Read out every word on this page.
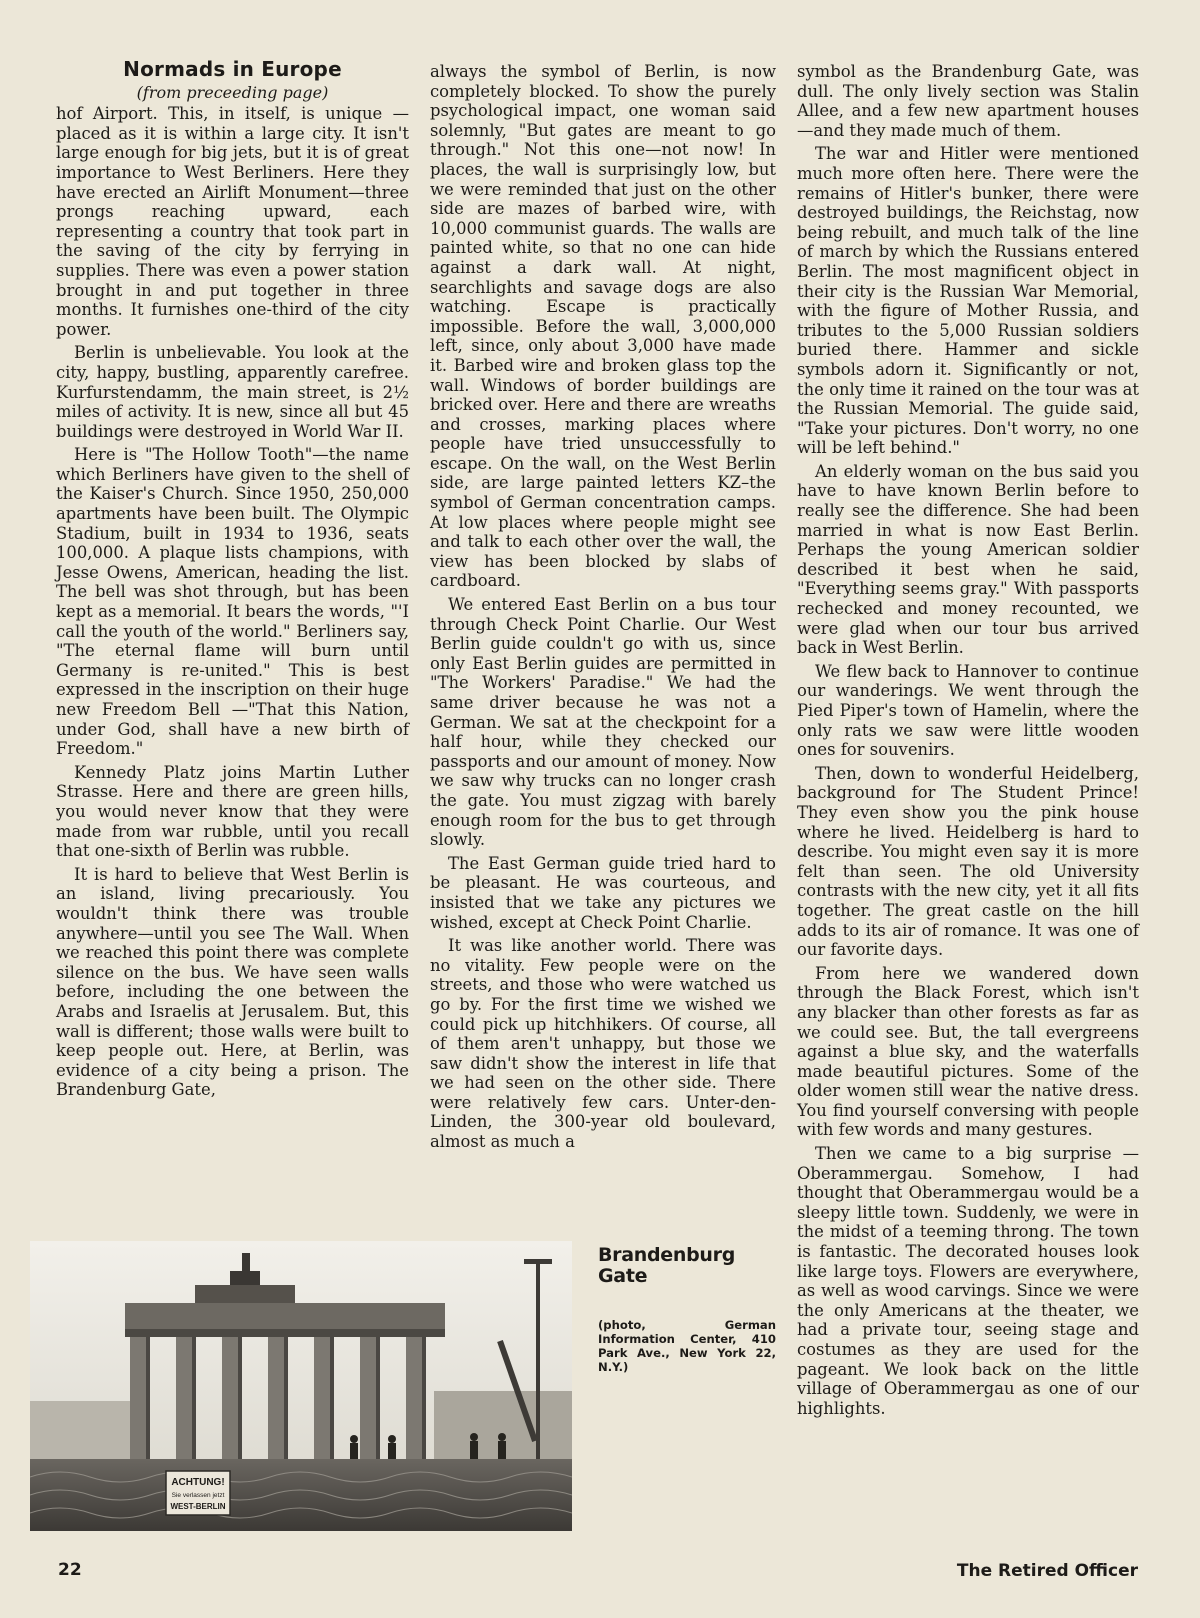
Normads in Europe
(from preceeding page)

hof Airport. This, in itself, is unique —placed as it is within a large city. It isn't large enough for big jets, but it is of great importance to West Berliners. Here they have erected an Airlift Monument—three prongs reaching upward, each representing a country that took part in the saving of the city by ferrying in supplies. There was even a power station brought in and put together in three months. It furnishes one-third of the city power.

Berlin is unbelievable. You look at the city, happy, bustling, apparently carefree. Kurfurstendamm, the main street, is 2½ miles of activity. It is new, since all but 45 buildings were destroyed in World War II.

Here is "The Hollow Tooth"—the name which Berliners have given to the shell of the Kaiser's Church. Since 1950, 250,000 apartments have been built. The Olympic Stadium, built in 1934 to 1936, seats 100,000. A plaque lists champions, with Jesse Owens, American, heading the list. The bell was shot through, but has been kept as a memorial. It bears the words, "'I call the youth of the world." Berliners say, "The eternal flame will burn until Germany is re-united." This is best expressed in the inscription on their huge new Freedom Bell —"That this Nation, under God, shall have a new birth of Freedom."

Kennedy Platz joins Martin Luther Strasse. Here and there are green hills, you would never know that they were made from war rubble, until you recall that one-sixth of Berlin was rubble.

It is hard to believe that West Berlin is an island, living precariously. You wouldn't think there was trouble anywhere—until you see The Wall. When we reached this point there was complete silence on the bus. We have seen walls before, including the one between the Arabs and Israelis at Jerusalem. But, this wall is different; those walls were built to keep people out. Here, at Berlin, was evidence of a city being a prison. The Brandenburg Gate,

always the symbol of Berlin, is now completely blocked. To show the purely psychological impact, one woman said solemnly, "But gates are meant to go through." Not this one—not now! In places, the wall is surprisingly low, but we were reminded that just on the other side are mazes of barbed wire, with 10,000 communist guards. The walls are painted white, so that no one can hide against a dark wall. At night, searchlights and savage dogs are also watching. Escape is practically impossible. Before the wall, 3,000,000 left, since, only about 3,000 have made it. Barbed wire and broken glass top the wall. Windows of border buildings are bricked over. Here and there are wreaths and crosses, marking places where people have tried unsuccessfully to escape. On the wall, on the West Berlin side, are large painted letters KZ–the symbol of German concentration camps. At low places where people might see and talk to each other over the wall, the view has been blocked by slabs of cardboard.

We entered East Berlin on a bus tour through Check Point Charlie. Our West Berlin guide couldn't go with us, since only East Berlin guides are permitted in "The Workers' Paradise." We had the same driver because he was not a German. We sat at the checkpoint for a half hour, while they checked our passports and our amount of money. Now we saw why trucks can no longer crash the gate. You must zigzag with barely enough room for the bus to get through slowly.

The East German guide tried hard to be pleasant. He was courteous, and insisted that we take any pictures we wished, except at Check Point Charlie.

It was like another world. There was no vitality. Few people were on the streets, and those who were watched us go by. For the first time we wished we could pick up hitchhikers. Of course, all of them aren't unhappy, but those we saw didn't show the interest in life that we had seen on the other side. There were relatively few cars. Unter-den-Linden, the 300-year old boulevard, almost as much a

symbol as the Brandenburg Gate, was dull. The only lively section was Stalin Allee, and a few new apartment houses—and they made much of them.

The war and Hitler were mentioned much more often here. There were the remains of Hitler's bunker, there were destroyed buildings, the Reichstag, now being rebuilt, and much talk of the line of march by which the Russians entered Berlin. The most magnificent object in their city is the Russian War Memorial, with the figure of Mother Russia, and tributes to the 5,000 Russian soldiers buried there. Hammer and sickle symbols adorn it. Significantly or not, the only time it rained on the tour was at the Russian Memorial. The guide said, "Take your pictures. Don't worry, no one will be left behind."

An elderly woman on the bus said you have to have known Berlin before to really see the difference. She had been married in what is now East Berlin. Perhaps the young American soldier described it best when he said, "Everything seems gray." With passports rechecked and money recounted, we were glad when our tour bus arrived back in West Berlin.

We flew back to Hannover to continue our wanderings. We went through the Pied Piper's town of Hamelin, where the only rats we saw were little wooden ones for souvenirs.

Then, down to wonderful Heidelberg, background for The Student Prince! They even show you the pink house where he lived. Heidelberg is hard to describe. You might even say it is more felt than seen. The old University contrasts with the new city, yet it all fits together. The great castle on the hill adds to its air of romance. It was one of our favorite days.

From here we wandered down through the Black Forest, which isn't any blacker than other forests as far as we could see. But, the tall evergreens against a blue sky, and the waterfalls made beautiful pictures. Some of the older women still wear the native dress. You find yourself conversing with people with few words and many gestures.

Then we came to a big surprise —Oberammergau. Somehow, I had thought that Oberammergau would be a sleepy little town. Suddenly, we were in the midst of a teeming throng. The town is fantastic. The decorated houses look like large toys. Flowers are everywhere, as well as wood carvings. Since we were the only Americans at the theater, we had a private tour, seeing stage and costumes as they are used for the pageant. We look back on the little village of Oberammergau as one of our highlights.

ACHTUNG!
Sie verlassen jetzt
WEST-BERLIN
Brandenburg
Gate
(photo, German Information Center, 410 Park Ave., New York 22, N.Y.)
22	The Retired Officer
